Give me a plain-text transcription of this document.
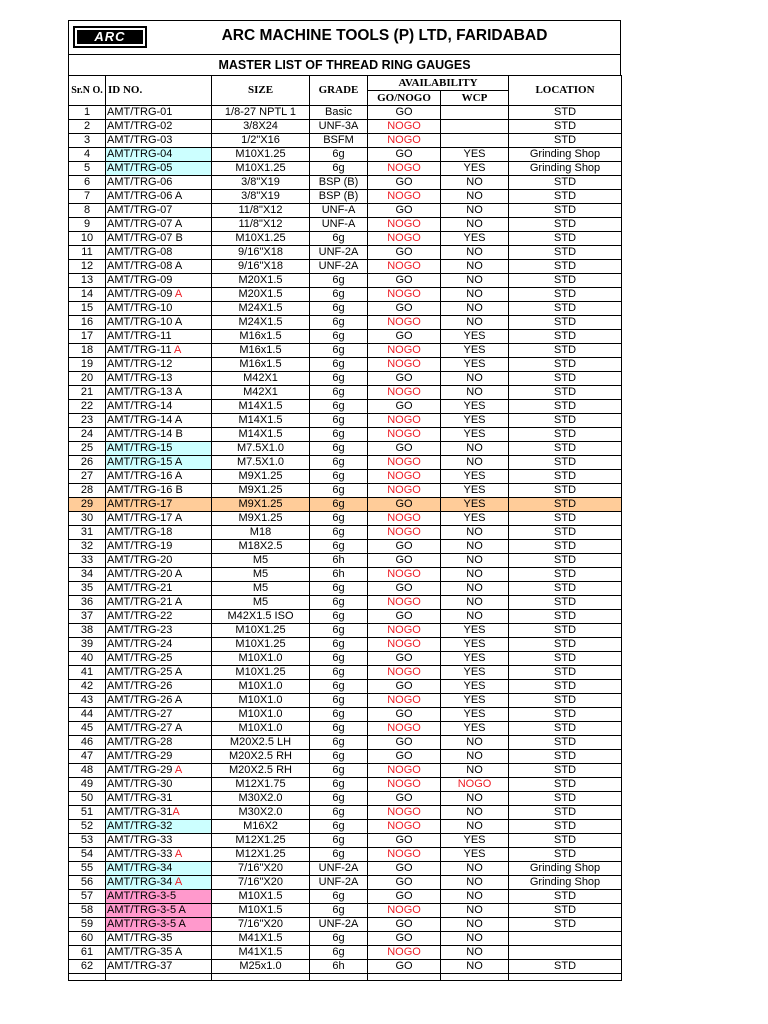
ARC	ARC MACHINE TOOLS (P) LTD, FARIDABAD
MASTER LIST OF THREAD RING GAUGES
Sr.N O.	ID NO.	SIZE	GRADE	AVAILABILITY		LOCATION
				GO/NOGO	WCP	
1	AMT/TRG-01	1/8-27 NPTL 1	Basic	GO		STD
2	AMT/TRG-02	3/8X24	UNF-3A	NOGO		STD
3	AMT/TRG-03	1/2"X16	BSFM	NOGO		STD
4	AMT/TRG-04	M10X1.25	6g	GO	YES	Grinding Shop
5	AMT/TRG-05	M10X1.25	6g	NOGO	YES	Grinding Shop
6	AMT/TRG-06	3/8"X19	BSP (B)	GO	NO	STD
7	AMT/TRG-06 A	3/8"X19	BSP (B)	NOGO	NO	STD
8	AMT/TRG-07	11/8"X12	UNF-A	GO	NO	STD
9	AMT/TRG-07 A	11/8"X12	UNF-A	NOGO	NO	STD
10	AMT/TRG-07 B	M10X1.25	6g	NOGO	YES	STD
11	AMT/TRG-08	9/16"X18	UNF-2A	GO	NO	STD
12	AMT/TRG-08 A	9/16"X18	UNF-2A	NOGO	NO	STD
13	AMT/TRG-09	M20X1.5	6g	GO	NO	STD
14	AMT/TRG-09 A	M20X1.5	6g	NOGO	NO	STD
15	AMT/TRG-10	M24X1.5	6g	GO	NO	STD
16	AMT/TRG-10 A	M24X1.5	6g	NOGO	NO	STD
17	AMT/TRG-11	M16x1.5	6g	GO	YES	STD
18	AMT/TRG-11 A	M16x1.5	6g	NOGO	YES	STD
19	AMT/TRG-12	M16x1.5	6g	NOGO	YES	STD
20	AMT/TRG-13	M42X1	6g	GO	NO	STD
21	AMT/TRG-13 A	M42X1	6g	NOGO	NO	STD
22	AMT/TRG-14	M14X1.5	6g	GO	YES	STD
23	AMT/TRG-14 A	M14X1.5	6g	NOGO	YES	STD
24	AMT/TRG-14 B	M14X1.5	6g	NOGO	YES	STD
25	AMT/TRG-15	M7.5X1.0	6g	GO	NO	STD
26	AMT/TRG-15 A	M7.5X1.0	6g	NOGO	NO	STD
27	AMT/TRG-16 A	M9X1.25	6g	NOGO	YES	STD
28	AMT/TRG-16 B	M9X1.25	6g	NOGO	YES	STD
29	AMT/TRG-17	M9X1.25	6g	GO	YES	STD
30	AMT/TRG-17 A	M9X1.25	6g	NOGO	YES	STD
31	AMT/TRG-18	M18	6g	NOGO	NO	STD
32	AMT/TRG-19	M18X2.5	6g	GO	NO	STD
33	AMT/TRG-20	M5	6h	GO	NO	STD
34	AMT/TRG-20 A	M5	6h	NOGO	NO	STD
35	AMT/TRG-21	M5	6g	GO	NO	STD
36	AMT/TRG-21 A	M5	6g	NOGO	NO	STD
37	AMT/TRG-22	M42X1.5 ISO	6g	GO	NO	STD
38	AMT/TRG-23	M10X1.25	6g	NOGO	YES	STD
39	AMT/TRG-24	M10X1.25	6g	NOGO	YES	STD
40	AMT/TRG-25	M10X1.0	6g	GO	YES	STD
41	AMT/TRG-25 A	M10X1.25	6g	NOGO	YES	STD
42	AMT/TRG-26	M10X1.0	6g	GO	YES	STD
43	AMT/TRG-26 A	M10X1.0	6g	NOGO	YES	STD
44	AMT/TRG-27	M10X1.0	6g	GO	YES	STD
45	AMT/TRG-27 A	M10X1.0	6g	NOGO	YES	STD
46	AMT/TRG-28	M20X2.5 LH	6g	GO	NO	STD
47	AMT/TRG-29	M20X2.5 RH	6g	GO	NO	STD
48	AMT/TRG-29 A	M20X2.5 RH	6g	NOGO	NO	STD
49	AMT/TRG-30	M12X1.75	6g	NOGO	NOGO	STD
50	AMT/TRG-31	M30X2.0	6g	GO	NO	STD
51	AMT/TRG-31A	M30X2.0	6g	NOGO	NO	STD
52	AMT/TRG-32	M16X2	6g	NOGO	NO	STD
53	AMT/TRG-33	M12X1.25	6g	GO	YES	STD
54	AMT/TRG-33 A	M12X1.25	6g	NOGO	YES	STD
55	AMT/TRG-34	7/16"X20	UNF-2A	GO	NO	Grinding Shop
56	AMT/TRG-34 A	7/16"X20	UNF-2A	GO	NO	Grinding Shop
57	AMT/TRG-3-5	M10X1.5	6g	GO	NO	STD
58	AMT/TRG-3-5 A	M10X1.5	6g	NOGO	NO	STD
59	AMT/TRG-3-5 A	7/16"X20	UNF-2A	GO	NO	STD
60	AMT/TRG-35	M41X1.5	6g	GO	NO	
61	AMT/TRG-35 A	M41X1.5	6g	NOGO	NO	
62	AMT/TRG-37	M25x1.0	6h	GO	NO	STD
